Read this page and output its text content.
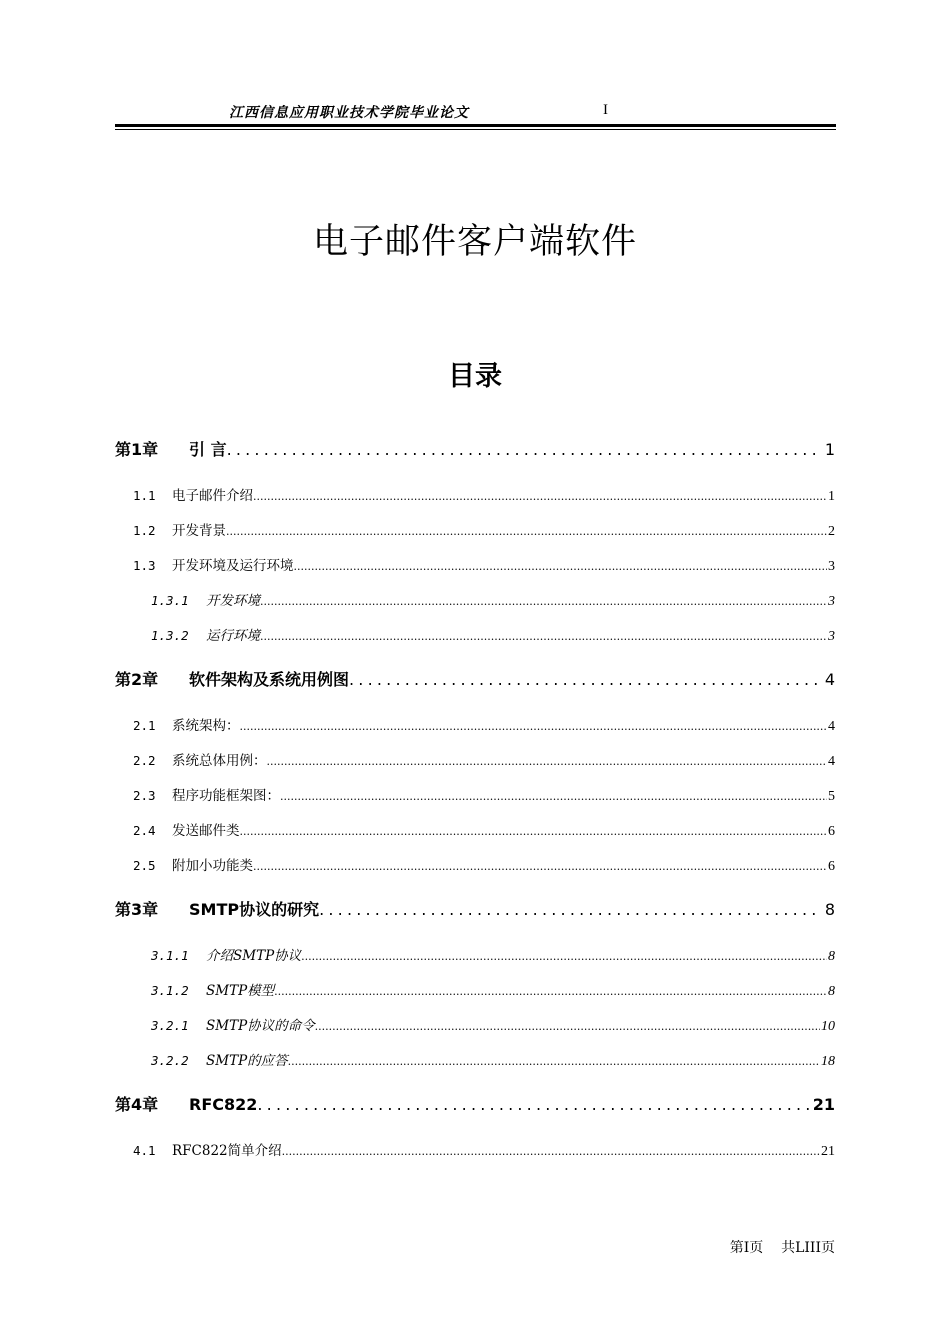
江西信息应用职业技术学院毕业论文	I
电子邮件客户端软件
目录
第1章	引 言 .....	1
1.1	电子邮件介绍 .....	1
1.2	开发背景 .....	2
1.3	开发环境及运行环境 .....	3
1.3.1	开发环境 .....	3
1.3.2	运行环境 .....	3
第2章	软件架构及系统用例图 .....	4
2.1	系统架构： .....	4
2.2	系统总体用例： .....	4
2.3	程序功能框架图： .....	5
2.4	发送邮件类 .....	6
2.5	附加小功能类 .....	6
第3章	SMTP协议的研究 .....	8
3.1.1	介绍SMTP协议 .....	8
3.1.2	SMTP模型 .....	8
3.2.1	SMTP协议的命令 .....	10
3.2.2	SMTP的应答 .....	18
第4章	RFC822 .....	21
4.1	RFC822简单介绍 .....	21
第Ⅰ页 共LIII页
